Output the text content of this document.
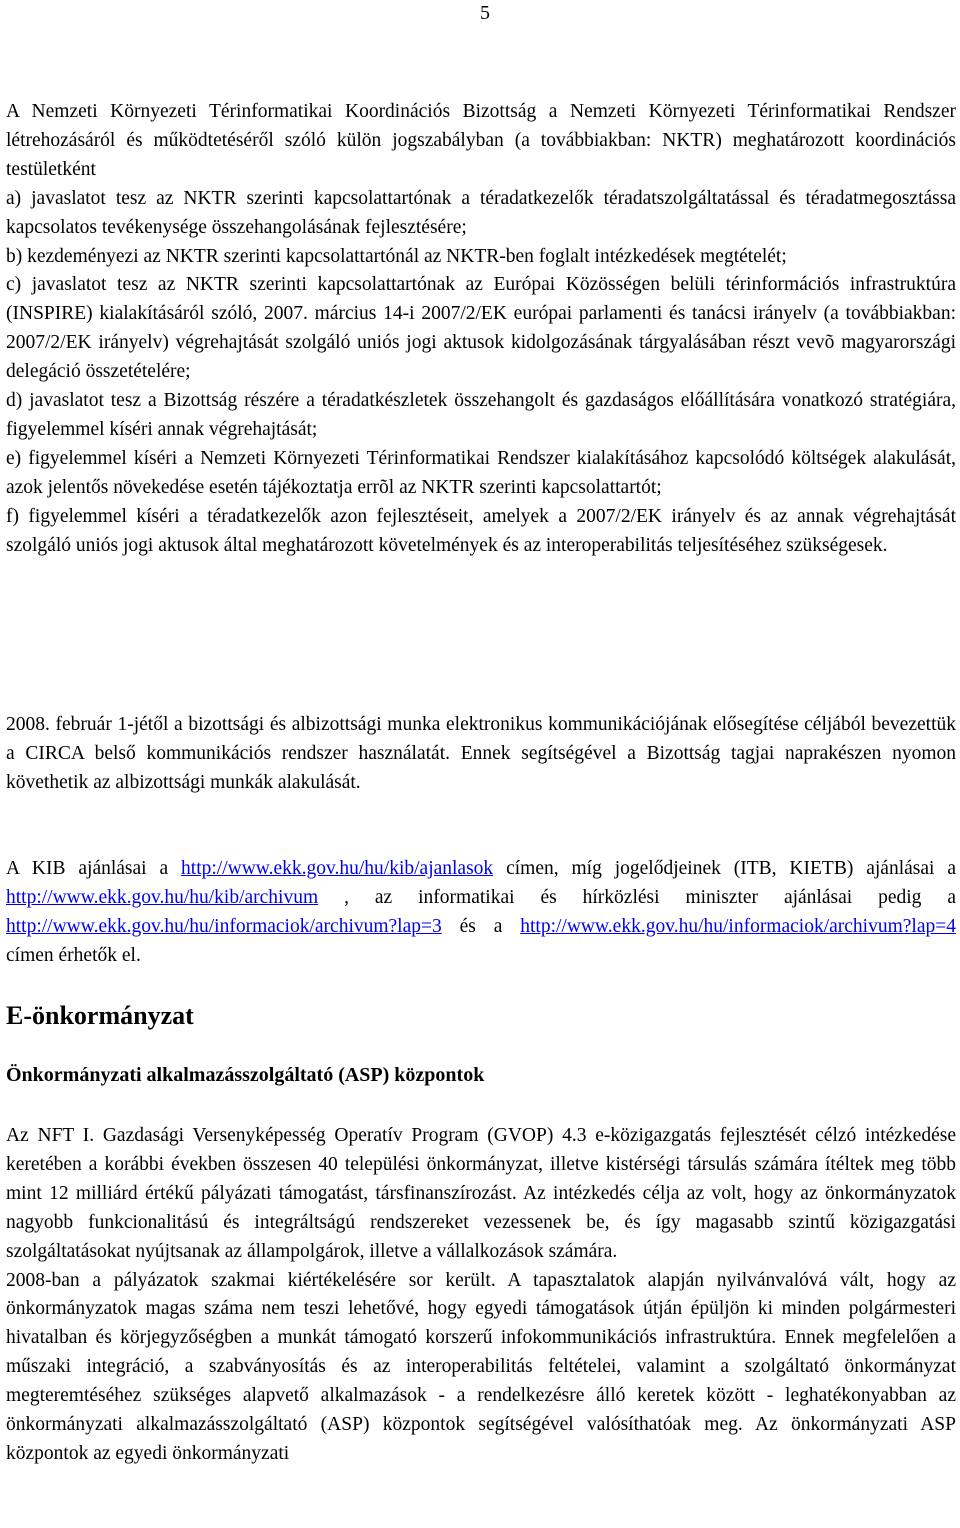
5

A Nemzeti Környezeti Térinformatikai Koordinációs Bizottság a Nemzeti Környezeti Térinformatikai Rendszer létrehozásáról és működtetéséről szóló külön jogszabályban (a továbbiakban: NKTR) meghatározott koordinációs testületként

a) javaslatot tesz az NKTR szerinti kapcsolattartónak a téradatkezelők téradatszolgáltatással és téradatmegosztássa kapcsolatos tevékenysége összehangolásának fejlesztésére;

b) kezdeményezi az NKTR szerinti kapcsolattartónál az NKTR-ben foglalt intézkedések megtételét;

c) javaslatot tesz az NKTR szerinti kapcsolattartónak az Európai Közösségen belüli térinformációs infrastruktúra (INSPIRE) kialakításáról szóló, 2007. március 14-i 2007/2/EK európai parlamenti és tanácsi irányelv (a továbbiakban: 2007/2/EK irányelv) végrehajtását szolgáló uniós jogi aktusok kidolgozásának tárgyalásában részt vevõ magyarországi delegáció összetételére;

d) javaslatot tesz a Bizottság részére a téradatkészletek összehangolt és gazdaságos előállítására vonatkozó stratégiára, figyelemmel kíséri annak végrehajtását;

e) figyelemmel kíséri a Nemzeti Környezeti Térinformatikai Rendszer kialakításához kapcsolódó költségek alakulását, azok jelentős növekedése esetén tájékoztatja errõl az NKTR szerinti kapcsolattartót;

f) figyelemmel kíséri a téradatkezelők azon fejlesztéseit, amelyek a 2007/2/EK irányelv és az annak végrehajtását szolgáló uniós jogi aktusok által meghatározott követelmények és az interoperabilitás teljesítéséhez szükségesek.

2008. február 1-jétől a bizottsági és albizottsági munka elektronikus kommunikációjának elősegítése céljából bevezettük a CIRCA belső kommunikációs rendszer használatát. Ennek segítségével a Bizottság tagjai naprakészen nyomon követhetik az albizottsági munkák alakulását.

A KIB ajánlásai a http://www.ekk.gov.hu/hu/kib/ajanlasok címen, míg jogelődjeinek (ITB, KIETB) ajánlásai a http://www.ekk.gov.hu/hu/kib/archivum , az informatikai és hírközlési miniszter ajánlásai pedig a http://www.ekk.gov.hu/hu/informaciok/archivum?lap=3 és a http://www.ekk.gov.hu/hu/informaciok/archivum?lap=4 címen érhetők el.

E-önkormányzat
Önkormányzati alkalmazásszolgáltató (ASP) központok

Az NFT I. Gazdasági Versenyképesség Operatív Program (GVOP) 4.3 e-közigazgatás fejlesztését célzó intézkedése keretében a korábbi években összesen 40 települési önkormányzat, illetve kistérségi társulás számára ítéltek meg több mint 12 milliárd értékű pályázati támogatást, társfinanszírozást. Az intézkedés célja az volt, hogy az önkormányzatok nagyobb funkcionalitású és integráltságú rendszereket vezessenek be, és így magasabb szintű közigazgatási szolgáltatásokat nyújtsanak az állampolgárok, illetve a vállalkozások számára.

2008-ban a pályázatok szakmai kiértékelésére sor került. A tapasztalatok alapján nyilvánvalóvá vált, hogy az önkormányzatok magas száma nem teszi lehetővé, hogy egyedi támogatások útján épüljön ki minden polgármesteri hivatalban és körjegyzőségben a munkát támogató korszerű infokommunikációs infrastruktúra. Ennek megfelelően a műszaki integráció, a szabványosítás és az interoperabilitás feltételei, valamint a szolgáltató önkormányzat megteremtéséhez szükséges alapvető alkalmazások - a rendelkezésre álló keretek között - leghatékonyabban az önkormányzati alkalmazásszolgáltató (ASP) központok segítségével valósíthatóak meg. Az önkormányzati ASP központok az egyedi önkormányzati
